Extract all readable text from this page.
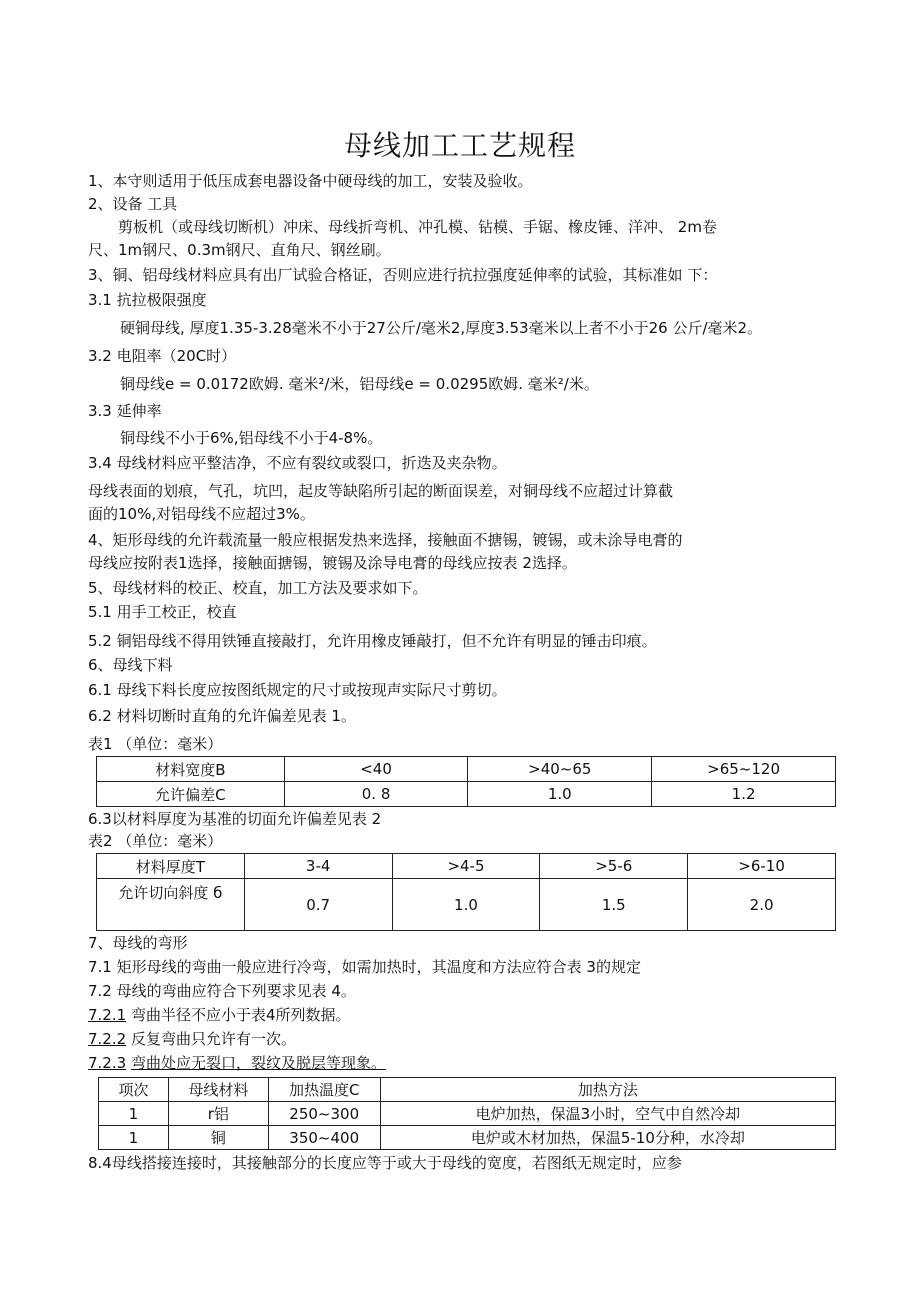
母线加工工艺规程
1、本守则适用于低压成套电器设备中硬母线的加工，安装及验收。
2、设备 工具
剪板机（或母线切断机）冲床、母线折弯机、冲孔模、钻模、手锯、橡皮锤、洋冲、 2m卷
尺、1m钢尺、0.3m钢尺、直角尺、钢丝刷。
3、铜、铝母线材料应具有出厂试验合格证，否则应进行抗拉强度延伸率的试验，其标准如 下：
3.1 抗拉极限强度
硬铜母线, 厚度1.35-3.28毫米不小于27公斤/毫米2,厚度3.53毫米以上者不小于26 公斤/毫米2。
3.2 电阻率（20C时）
铜母线e = 0.0172欧姆. 毫米²/米，铝母线e = 0.0295欧姆. 毫米²/米。
3.3 延伸率
铜母线不小于6%,铝母线不小于4-8%。
3.4 母线材料应平整洁净，不应有裂纹或裂口，折迭及夹杂物。
母线表面的划痕，气孔，坑凹，起皮等缺陷所引起的断面误差，对铜母线不应超过计算截
面的10%,对铝母线不应超过3%。
4、矩形母线的允许载流量一般应根据发热来选择，接触面不搪锡，镀锡，或未涂导电膏的
母线应按附表1选择，接触面搪锡，镀锡及涂导电膏的母线应按表 2选择。
5、母线材料的校正、校直，加工方法及要求如下。
5.1 用手工校正，校直
5.2 铜铝母线不得用铁锤直接敲打，允许用橡皮锤敲打，但不允许有明显的锤击印痕。
6、母线下料
6.1 母线下料长度应按图纸规定的尺寸或按现声实际尺寸剪切。
6.2 材料切断时直角的允许偏差见表 1。
表1 （单位：毫米）
材料宽度B	<40	>40~65	>65~120
允许偏差C	0. 8	1.0	1.2
6.3以材料厚度为基准的切面允许偏差见表 2
表2 （单位：毫米）
材料厚度T	3-4	>4-5	>5-6	>6-10
允许切向斜度 б	0.7	1.0	1.5	2.0
7、母线的弯形
7.1 矩形母线的弯曲一般应进行冷弯，如需加热时，其温度和方法应符合表 3的规定
7.2 母线的弯曲应符合下列要求见表 4。
7.2.1 弯曲半径不应小于表4所列数据。
7.2.2 反复弯曲只允许有一次。
7.2.3 弯曲处应无裂口，裂纹及脱层等现象。
项次	母线材料	加热温度C	加热方法
1	r铝	250~300	电炉加热，保温3小时，空气中自然冷却
1	铜	350~400	电炉或木材加热，保温5-10分种，水冷却
8.4母线搭接连接时，其接触部分的长度应等于或大于母线的宽度，若图纸无规定时，应参
